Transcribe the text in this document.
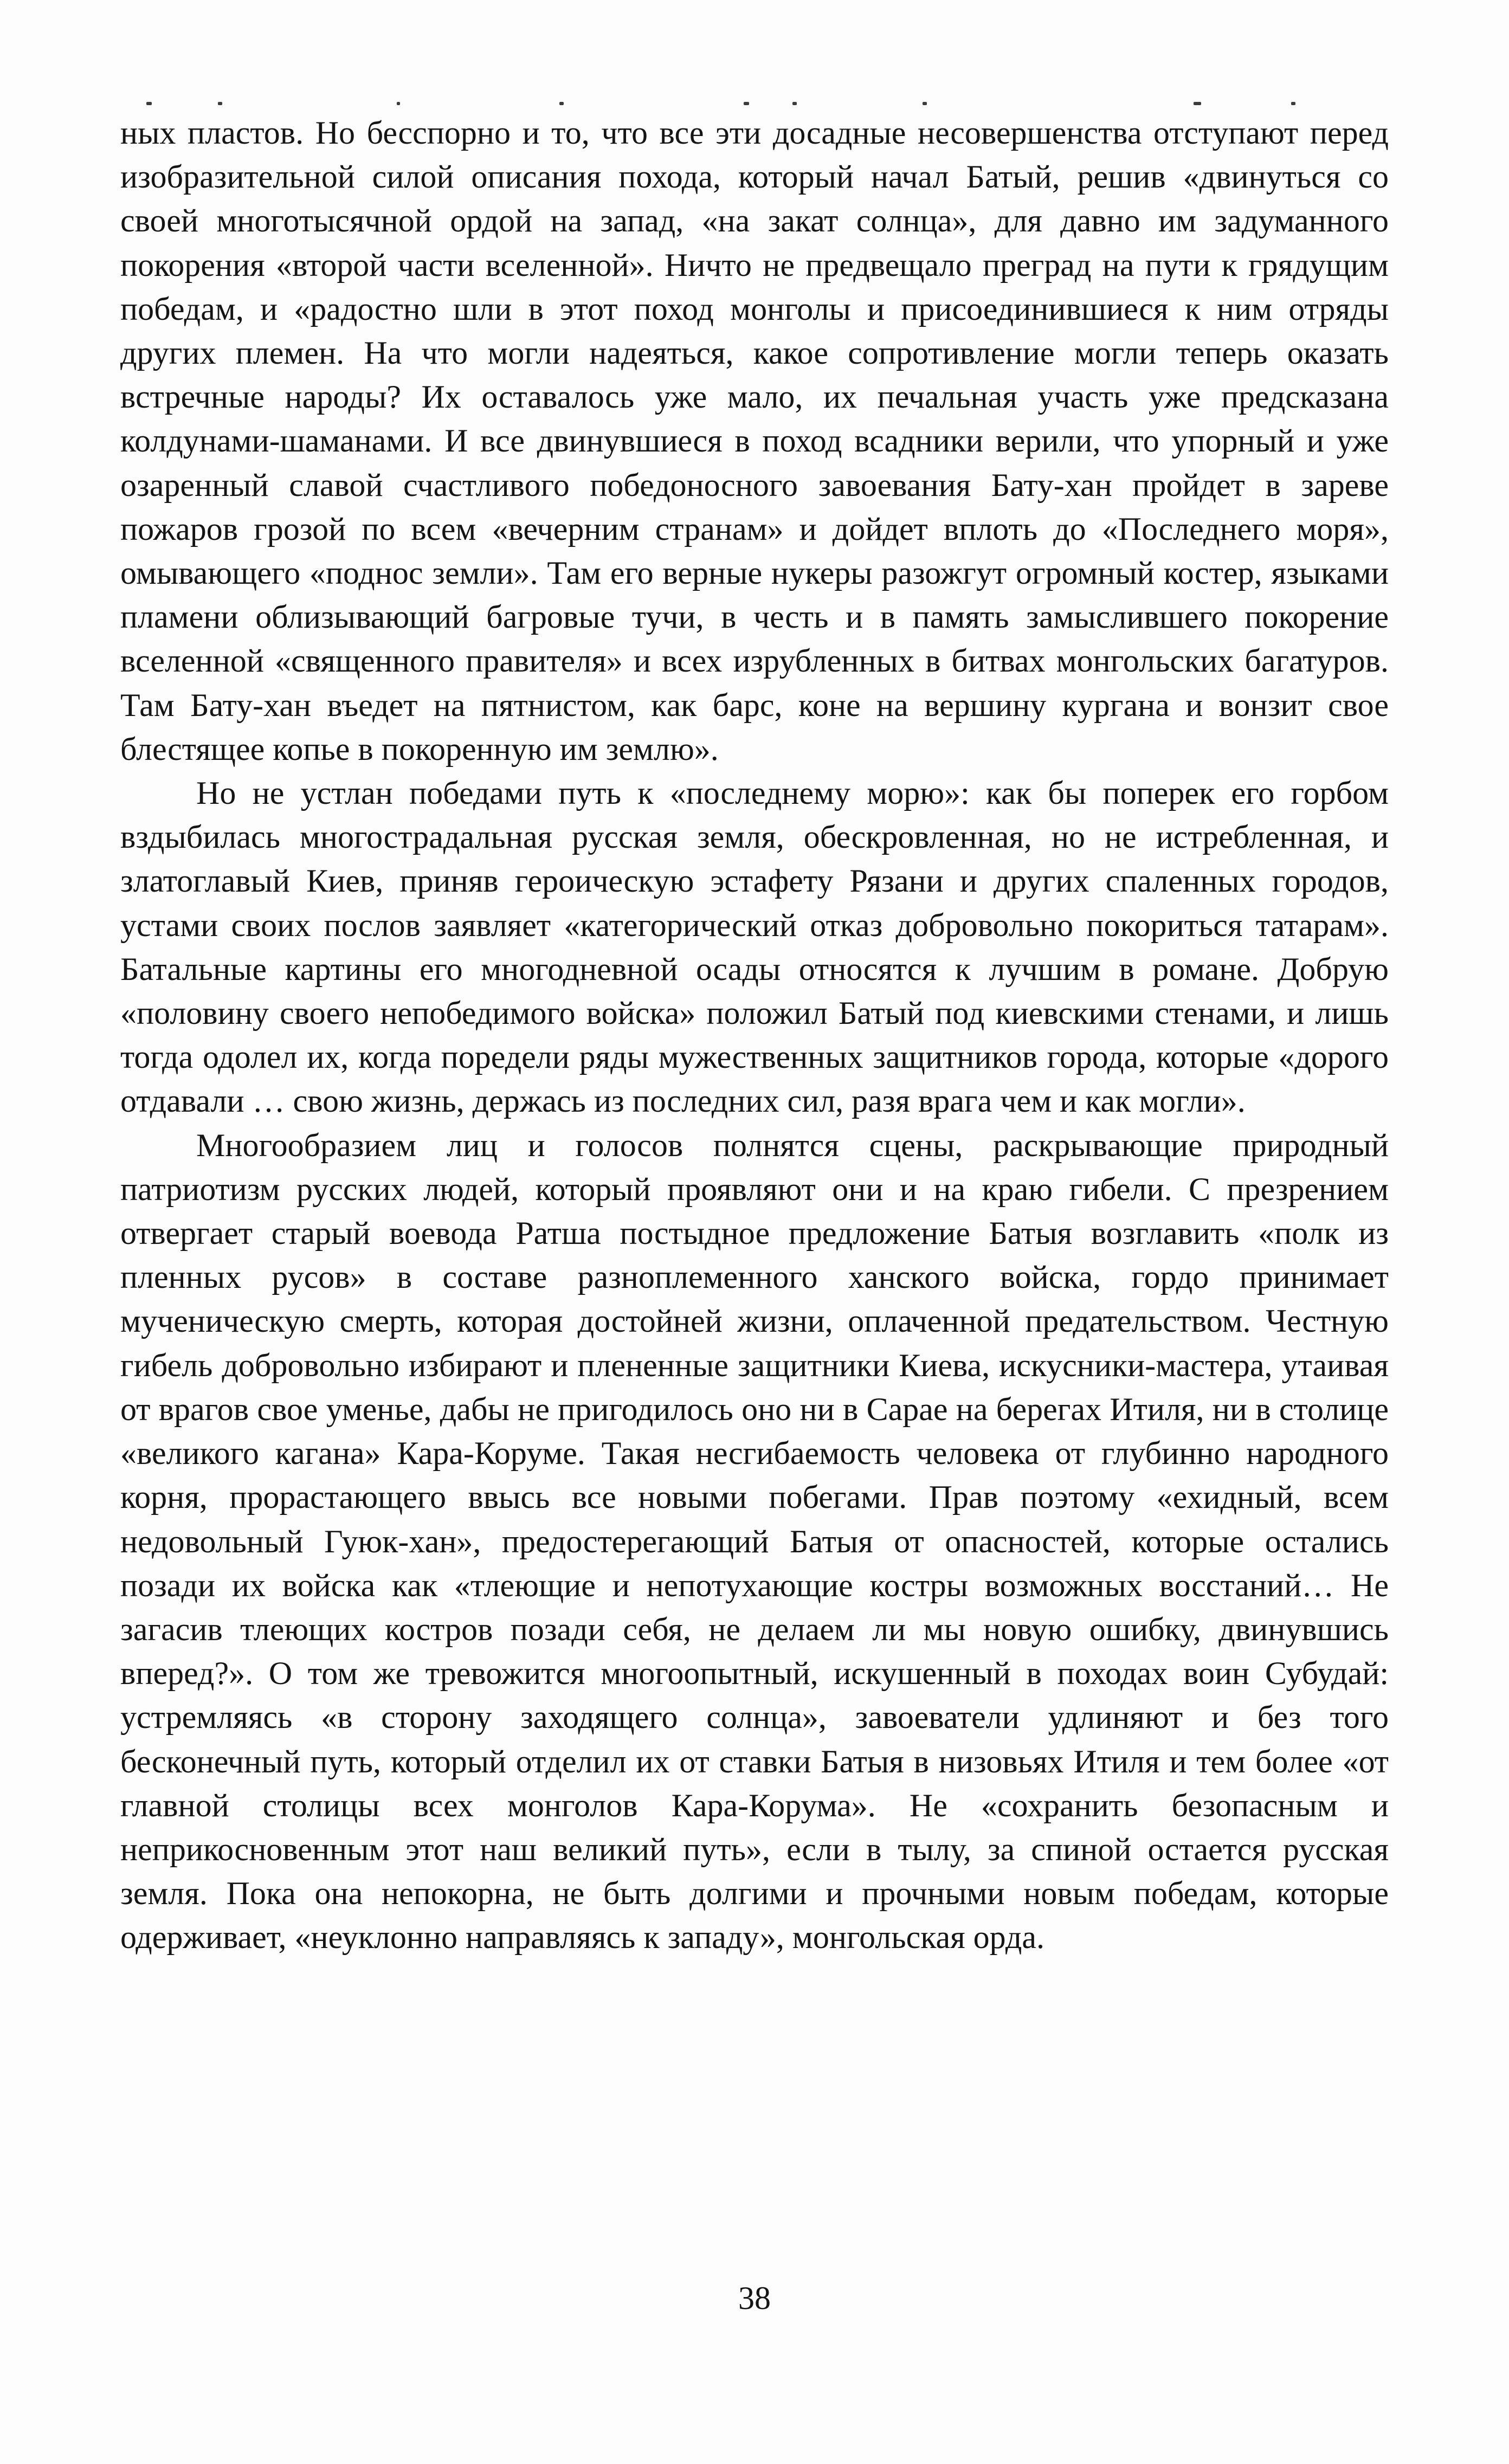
ных пластов. Но бесспорно и то, что все эти досадные несовершенства отступают перед изобразительной силой описания похода, который начал Батый, решив «двинуться со своей многотысячной ордой на запад, «на закат солнца», для давно им задуманного покорения «второй части вселенной». Ничто не предвещало преград на пути к грядущим победам, и «радостно шли в этот поход монголы и присоединившиеся к ним отряды других племен. На что могли надеяться, какое сопротивление могли теперь оказать встречные народы? Их оставалось уже мало, их печальная участь уже предсказана колдунами-шаманами. И все двинувшиеся в поход всадники верили, что упорный и уже озаренный славой счастливого победоносного завоевания Бату-хан пройдет в зареве пожаров грозой по всем «вечерним странам» и дойдет вплоть до «Последнего моря», омывающего «подноc земли». Там его верные нукеры разожгут огромный костер, языками пламени облизывающий багровые тучи, в честь и в память замыслившего покорение вселенной «священного правителя» и всех изрубленных в битвах монгольских багатуров. Там Бату-хан въедет на пятнистом, как барс, коне на вершину кургана и вонзит свое блестящее копье в покоренную им землю».

Но не устлан победами путь к «последнему морю»: как бы поперек его горбом вздыбилась многострадальная русская земля, обескровленная, но не истребленная, и златоглавый Киев, приняв героическую эстафету Рязани и других спаленных городов, устами своих послов заявляет «категорический отказ добровольно покориться татарам». Батальные картины его многодневной осады относятся к лучшим в романе. Добрую «половину своего непобедимого войска» положил Батый под киевскими стенами, и лишь тогда одолел их, когда поредели ряды мужественных защитников города, которые «дорого отдавали … свою жизнь, держась из последних сил, разя врага чем и как могли».

Многообразием лиц и голосов полнятся сцены, раскрывающие природный патриотизм русских людей, который проявляют они и на краю гибели. С презрением отвергает старый воевода Ратша постыдное предложение Батыя возглавить «полк из пленных русов» в составе разноплеменного ханского войска, гордо принимает мученическую смерть, которая достойней жизни, оплаченной предательством. Честную гибель добровольно избирают и плененные защитники Киева, искусники-мастера, утаивая от врагов свое уменье, дабы не пригодилось оно ни в Сарае на берегах Итиля, ни в столице «великого кагана» Кара-Коруме. Такая несгибаемость человека от глубинно народного корня, прорастающего ввысь все новыми побегами. Прав поэтому «ехидный, всем недовольный Гуюк-хан», предостерегающий Батыя от опасностей, которые остались позади их войска как «тлеющие и непотухающие костры возможных восстаний… Не загасив тлеющих костров позади себя, не делаем ли мы новую ошибку, двинувшись вперед?». О том же тревожится многоопытный, искушенный в походах воин Субудай: устремляясь «в сторону заходящего солнца», завоеватели удлиняют и без того бесконечный путь, который отделил их от ставки Батыя в низовьях Итиля и тем более «от главной столицы всех монголов Кара-Корума». Не «сохранить безопасным и неприкосновенным этот наш великий путь», если в тылу, за спиной остается русская земля. Пока она непокорна, не быть долгими и прочными новым победам, которые одерживает, «неуклонно направляясь к западу», монгольская орда.

38
